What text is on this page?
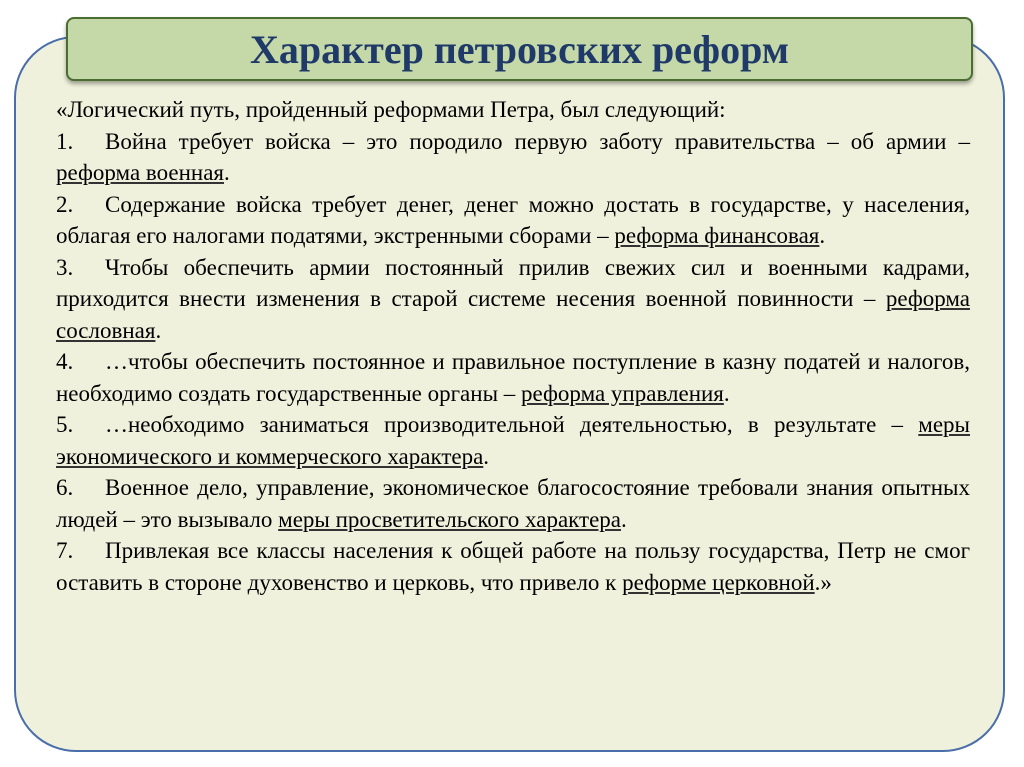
Характер петровских реформ

«Логический путь, пройденный реформами Петра, был следующий:

1. Война требует войска – это породило первую заботу правительства – об армии – реформа военная.

2. Содержание войска требует денег, денег можно достать в государстве, у населения, облагая его налогами податями, экстренными сборами – реформа финансовая.

3. Чтобы обеспечить армии постоянный прилив свежих сил и военными кадрами, приходится внести изменения в старой системе несения военной повинности – реформа сословная.

4. …чтобы обеспечить постоянное и правильное поступление в казну податей и налогов, необходимо создать государственные органы – реформа управления.

5. …необходимо заниматься производительной деятельностью, в результате – меры экономического и коммерческого характера.

6. Военное дело, управление, экономическое благосостояние требовали знания опытных людей – это вызывало меры просветительского характера.

7. Привлекая все классы населения к общей работе на пользу государства, Петр не смог оставить в стороне духовенство и церковь, что привело к реформе церковной.»
